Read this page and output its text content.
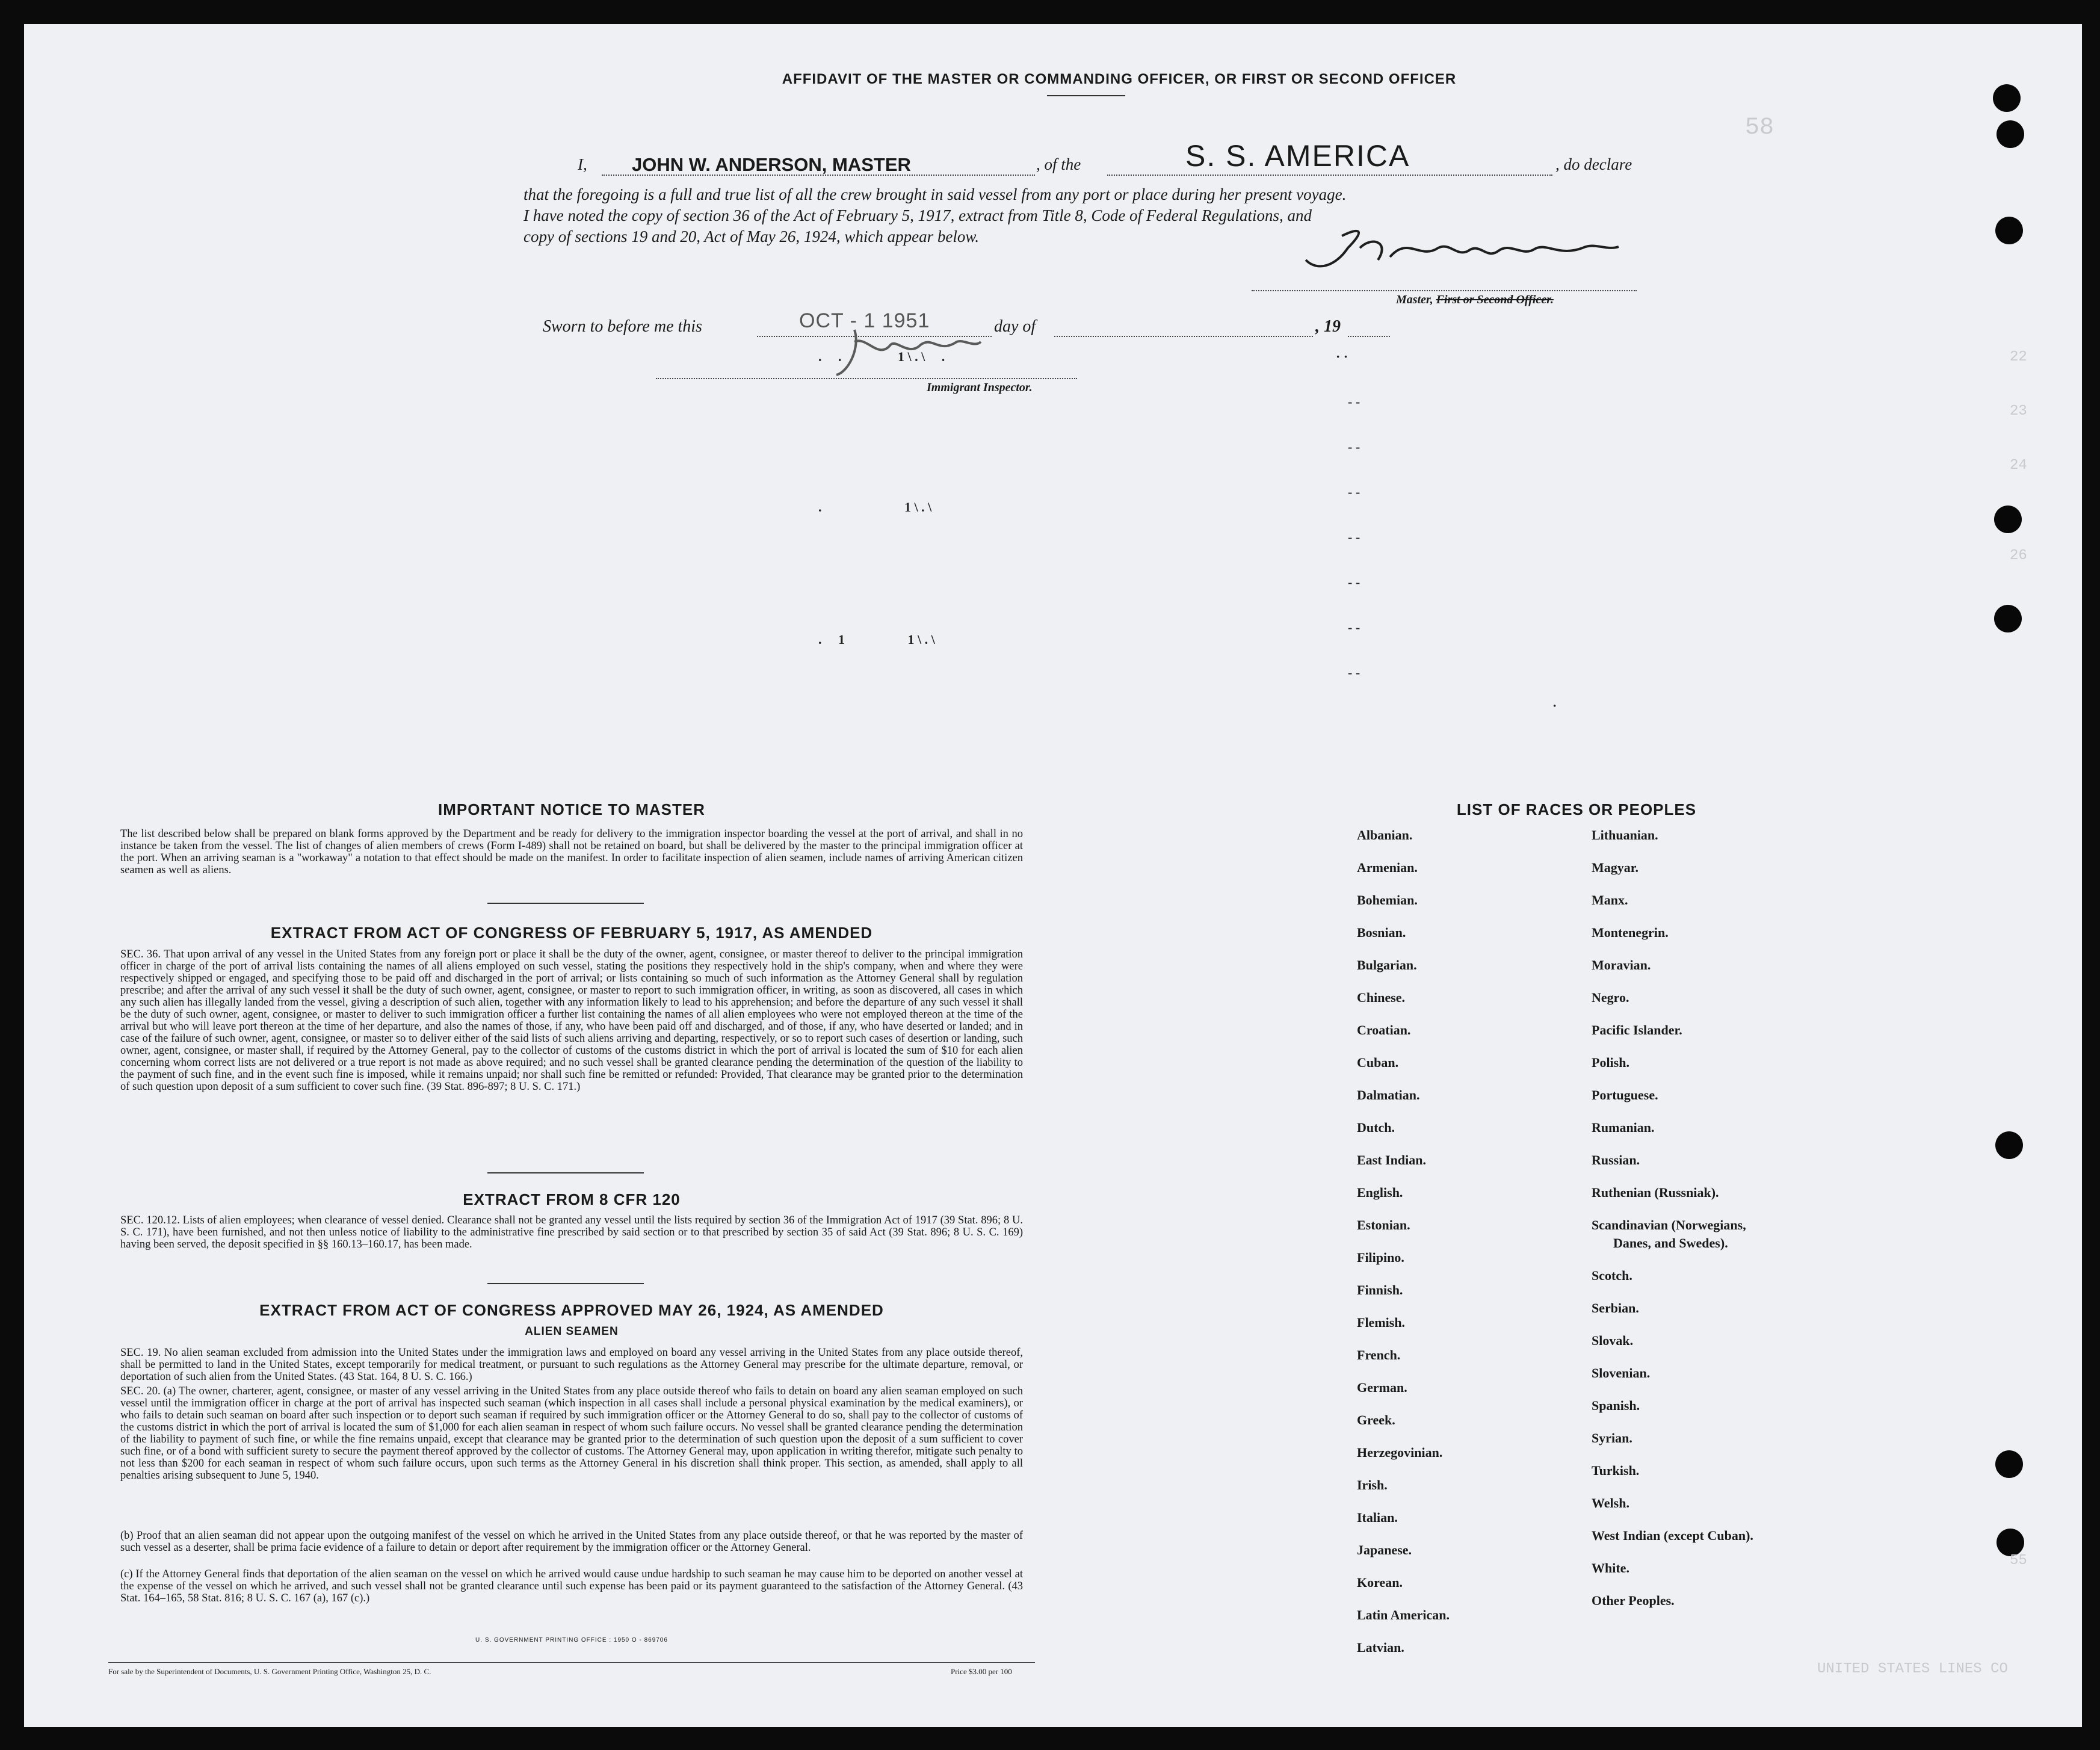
58
22
23
24
26
55
UNITED STATES LINES CO
· ·
- -
- -
- -
- -
- -
- -
- -
·
.     .                 1 \ . \     .
.                         1 \ . \
.     1                   1 \ . \
AFFIDAVIT OF THE MASTER OR COMMANDING OFFICER, OR FIRST OR SECOND OFFICER
I, JOHN W. ANDERSON, MASTER	, of the	S. S. AMERICA	, do declare
that the foregoing is a full and true list of all the crew brought in said vessel from any port or place during her present voyage.
I have noted the copy of section 36 of the Act of February 5, 1917, extract from Title 8, Code of Federal Regulations, and
copy of sections 19 and 20, Act of May 26, 1924, which appear below.
Master, First or Second Officer.
Sworn to before me this	OCT - 1 1951	day of	, 19
Immigrant Inspector.
IMPORTANT NOTICE TO MASTER
The list described below shall be prepared on blank forms approved by the Department and be ready for delivery to the immigration inspector boarding the vessel at the port of arrival, and shall in no instance be taken from the vessel. The list of changes of alien members of crews (Form I-489) shall not be retained on board, but shall be delivered by the master to the principal immigration officer at the port. When an arriving seaman is a "workaway" a notation to that effect should be made on the manifest. In order to facilitate inspection of alien seamen, include names of arriving American citizen seamen as well as aliens.
EXTRACT FROM ACT OF CONGRESS OF FEBRUARY 5, 1917, AS AMENDED
SEC. 36. That upon arrival of any vessel in the United States from any foreign port or place it shall be the duty of the owner, agent, consignee, or master thereof to deliver to the principal immigration officer in charge of the port of arrival lists containing the names of all aliens employed on such vessel, stating the positions they respectively hold in the ship's company, when and where they were respectively shipped or engaged, and specifying those to be paid off and discharged in the port of arrival; or lists containing so much of such information as the Attorney General shall by regulation prescribe; and after the arrival of any such vessel it shall be the duty of such owner, agent, consignee, or master to report to such immigration officer, in writing, as soon as discovered, all cases in which any such alien has illegally landed from the vessel, giving a description of such alien, together with any information likely to lead to his apprehension; and before the departure of any such vessel it shall be the duty of such owner, agent, consignee, or master to deliver to such immigration officer a further list containing the names of all alien employees who were not employed thereon at the time of the arrival but who will leave port thereon at the time of her departure, and also the names of those, if any, who have been paid off and discharged, and of those, if any, who have deserted or landed; and in case of the failure of such owner, agent, consignee, or master so to deliver either of the said lists of such aliens arriving and departing, respectively, or so to report such cases of desertion or landing, such owner, agent, consignee, or master shall, if required by the Attorney General, pay to the collector of customs of the customs district in which the port of arrival is located the sum of $10 for each alien concerning whom correct lists are not delivered or a true report is not made as above required; and no such vessel shall be granted clearance pending the determination of the question of the liability to the payment of such fine, and in the event such fine is imposed, while it remains unpaid; nor shall such fine be remitted or refunded: Provided, That clearance may be granted prior to the determination of such question upon deposit of a sum sufficient to cover such fine. (39 Stat. 896-897; 8 U. S. C. 171.)
EXTRACT FROM 8 CFR 120
SEC. 120.12. Lists of alien employees; when clearance of vessel denied. Clearance shall not be granted any vessel until the lists required by section 36 of the Immigration Act of 1917 (39 Stat. 896; 8 U. S. C. 171), have been furnished, and not then unless notice of liability to the administrative fine prescribed by said section or to that prescribed by section 35 of said Act (39 Stat. 896; 8 U. S. C. 169) having been served, the deposit specified in §§ 160.13–160.17, has been made.
EXTRACT FROM ACT OF CONGRESS APPROVED MAY 26, 1924, AS AMENDED
ALIEN SEAMEN
SEC. 19. No alien seaman excluded from admission into the United States under the immigration laws and employed on board any vessel arriving in the United States from any place outside thereof, shall be permitted to land in the United States, except temporarily for medical treatment, or pursuant to such regulations as the Attorney General may prescribe for the ultimate departure, removal, or deportation of such alien from the United States. (43 Stat. 164, 8 U. S. C. 166.)
SEC. 20. (a) The owner, charterer, agent, consignee, or master of any vessel arriving in the United States from any place outside thereof who fails to detain on board any alien seaman employed on such vessel until the immigration officer in charge at the port of arrival has inspected such seaman (which inspection in all cases shall include a personal physical examination by the medical examiners), or who fails to detain such seaman on board after such inspection or to deport such seaman if required by such immigration officer or the Attorney General to do so, shall pay to the collector of customs of the customs district in which the port of arrival is located the sum of $1,000 for each alien seaman in respect of whom such failure occurs. No vessel shall be granted clearance pending the determination of the liability to payment of such fine, or while the fine remains unpaid, except that clearance may be granted prior to the determination of such question upon the deposit of a sum sufficient to cover such fine, or of a bond with sufficient surety to secure the payment thereof approved by the collector of customs. The Attorney General may, upon application in writing therefor, mitigate such penalty to not less than $200 for each seaman in respect of whom such failure occurs, upon such terms as the Attorney General in his discretion shall think proper. This section, as amended, shall apply to all penalties arising subsequent to June 5, 1940.
(b) Proof that an alien seaman did not appear upon the outgoing manifest of the vessel on which he arrived in the United States from any place outside thereof, or that he was reported by the master of such vessel as a deserter, shall be prima facie evidence of a failure to detain or deport after requirement by the immigration officer or the Attorney General.
(c) If the Attorney General finds that deportation of the alien seaman on the vessel on which he arrived would cause undue hardship to such seaman he may cause him to be deported on another vessel at the expense of the vessel on which he arrived, and such vessel shall not be granted clearance until such expense has been paid or its payment guaranteed to the satisfaction of the Attorney General. (43 Stat. 164–165, 58 Stat. 816; 8 U. S. C. 167 (a), 167 (c).)
U. S. GOVERNMENT PRINTING OFFICE : 1950 O - 869706
For sale by the Superintendent of Documents, U. S. Government Printing Office, Washington 25, D. C.	Price $3.00 per 100
LIST OF RACES OR PEOPLES
Albanian.
Armenian.
Bohemian.
Bosnian.
Bulgarian.
Chinese.
Croatian.
Cuban.
Dalmatian.
Dutch.
East Indian.
English.
Estonian.
Filipino.
Finnish.
Flemish.
French.
German.
Greek.
Herzegovinian.
Irish.
Italian.
Japanese.
Korean.
Latin American.
Latvian.
Lithuanian.
Magyar.
Manx.
Montenegrin.
Moravian.
Negro.
Pacific Islander.
Polish.
Portuguese.
Rumanian.
Russian.
Ruthenian (Russniak).
Scandinavian (Norwegians,
Danes, and Swedes).
Scotch.
Serbian.
Slovak.
Slovenian.
Spanish.
Syrian.
Turkish.
Welsh.
West Indian (except Cuban).
White.
Other Peoples.
